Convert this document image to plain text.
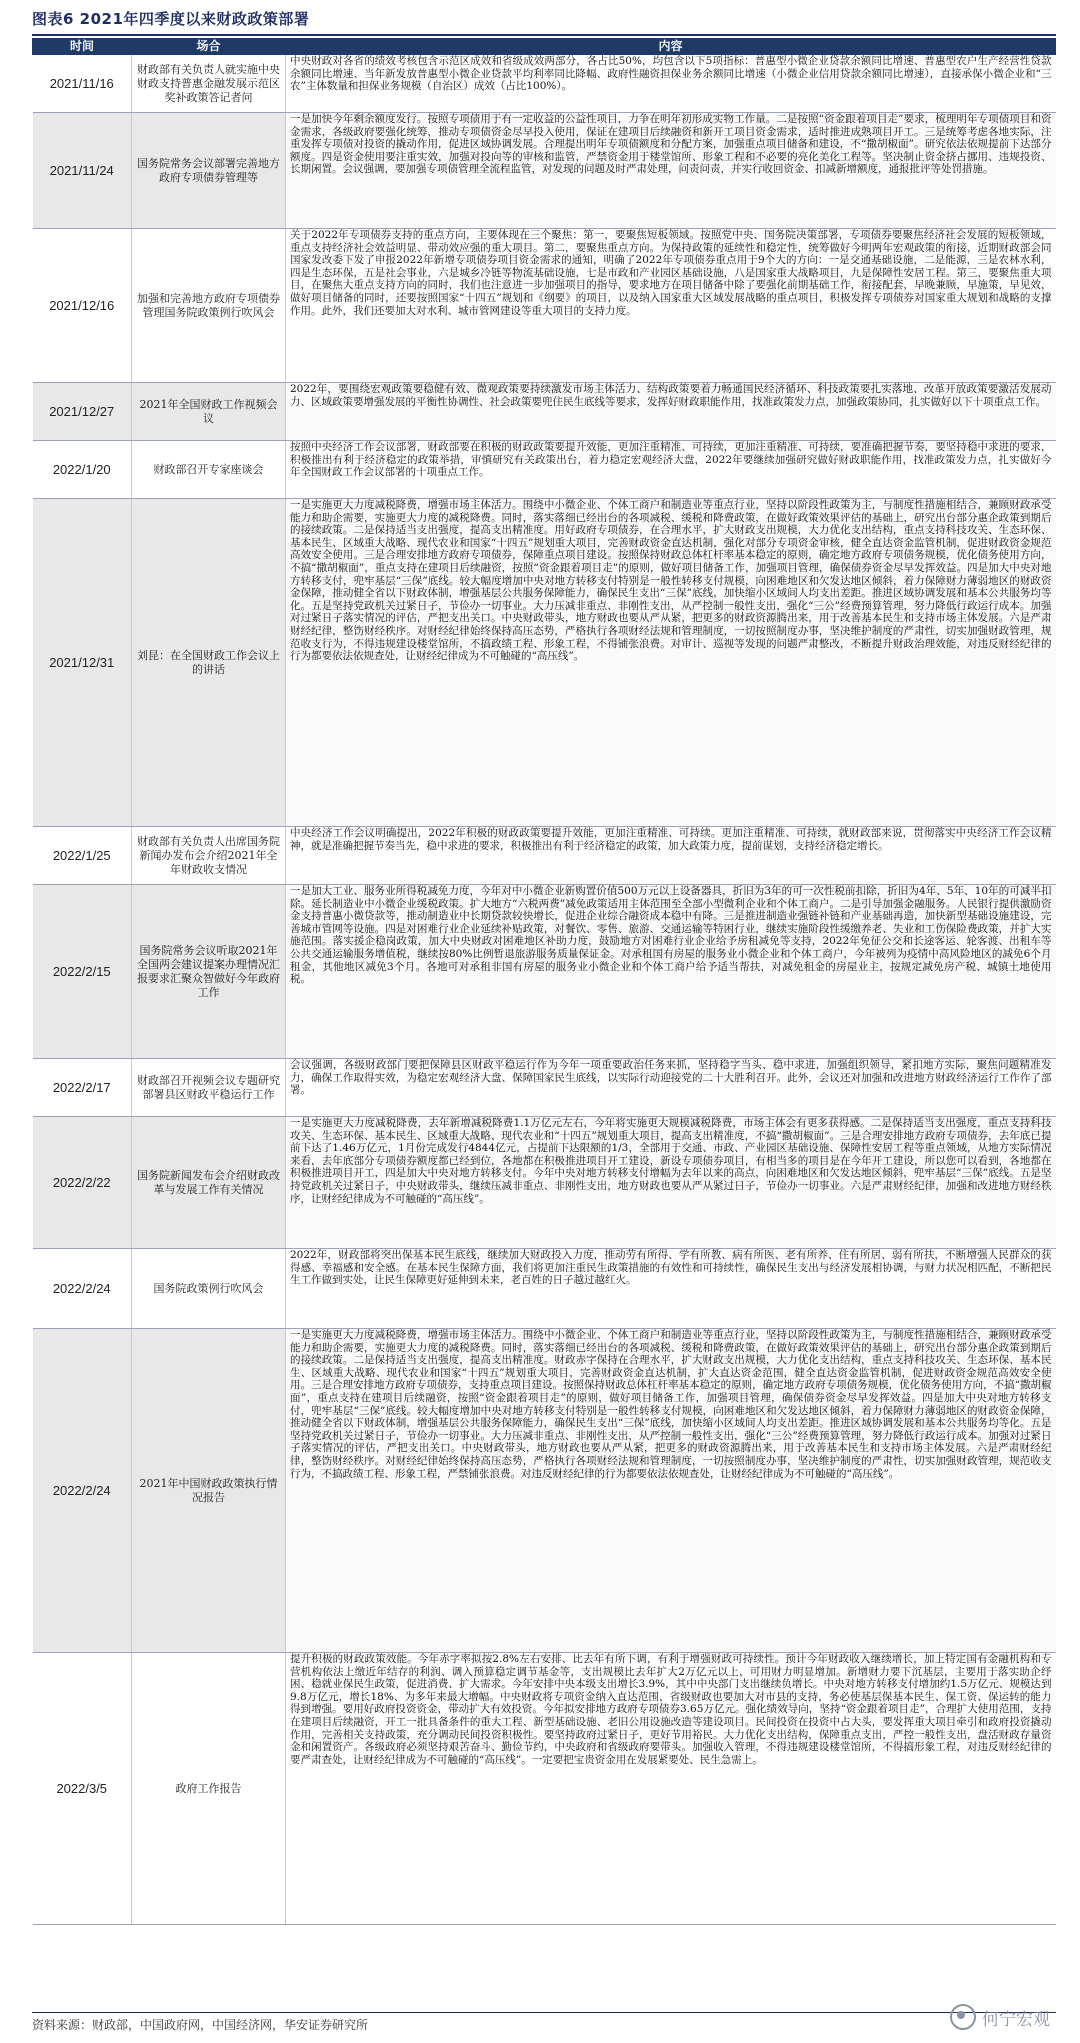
图表6 2021年四季度以来财政政策部署
时间	场合	内容

2021/11/16	财政部有关负责人就实施中央财政支持普惠金融发展示范区奖补政策答记者问	中央财政对各省的绩效考核包含示范区成效和省级成效两部分，各占比50%，均包含以下5项指标：普惠型小微企业贷款余额同比增速、普惠型农户生产经营性贷款余额同比增速、当年新发放普惠型小微企业贷款平均利率同比降幅、政府性融资担保业务余额同比增速（小微企业信用贷款余额同比增速），直接承保小微企业和“三农”主体数量和担保业务规模（自治区）成效（占比100%）。

2021/11/24	国务院常务会议部署完善地方政府专项债券管理等	一是加快今年剩余额度发行。按照专项债用于有一定收益的公益性项目，力争在明年初形成实物工作量。二是按照“资金跟着项目走”要求，梳理明年专项债项目和资金需求，各级政府要强化统筹，推动专项债资金尽早投入使用，保证在建项目后续融资和新开工项目资金需求，适时推进成熟项目开工。三是统筹考虑各地实际，注重发挥专项债对投资的撬动作用，促进区域协调发展。合理提出明年专项债额度和分配方案，加强重点项目储备和建设，不“撒胡椒面”。研究依法依规提前下达部分额度。四是资金使用要注重实效，加强对投向等的审核和监管，严禁资金用于楼堂馆所、形象工程和不必要的亮化美化工程等。坚决制止资金挤占挪用、违规投资、长期闲置。会议强调，要加强专项债管理全流程监管，对发现的问题及时严肃处理，问责问责，并实行收回资金、扣减新增额度，通报批评等处罚措施。

2021/12/16	加强和完善地方政府专项债券管理国务院政策例行吹风会	关于2022年专项债券支持的重点方向，主要体现在三个聚焦：第一，要聚焦短板领域。按照党中央、国务院决策部署，专项债券要聚焦经济社会发展的短板领域，重点支持经济社会效益明显、带动效应强的重大项目。第二，要聚焦重点方向。为保持政策的延续性和稳定性，统筹做好今明两年宏观政策的衔接，近期财政部会同国家发改委下发了申报2022年新增专项债券项目资金需求的通知，明确了2022年专项债券重点用于9个大的方向：一是交通基础设施，二是能源，三是农林水利，四是生态环保，五是社会事业，六是城乡冷链等物流基础设施，七是市政和产业园区基础设施，八是国家重大战略项目，九是保障性安居工程。第三，要聚焦重大项目，在聚焦大重点支持方向的同时，我们也注意进一步加强项目的指导，要求地方在项目储备中除了要强化前期基础工作，衔接配套，早晚兼顾，早施策，早见效，做好项目储备的同时，还要按照国家“十四五”规划和《纲要》的项目，以及纳入国家重大区域发展战略的重点项目，积极发挥专项债券对国家重大规划和战略的支撑作用。此外，我们还要加大对水利、城市管网建设等重大项目的支持力度。

2021/12/27	2021年全国财政工作视频会议	2022年，要围绕宏观政策要稳健有效、微观政策要持续激发市场主体活力、结构政策要着力畅通国民经济循环、科技政策要扎实落地、改革开放政策要激活发展动力、区域政策要增强发展的平衡性协调性、社会政策要兜住民生底线等要求，发挥好财政职能作用，找准政策发力点，加强政策协同，扎实做好以下十项重点工作。

2022/1/20	财政部召开专家座谈会	按照中央经济工作会议部署，财政部要在积极的财政政策要提升效能，更加注重精准、可持续，更加注重精准、可持续，要准确把握节奏，要坚持稳中求进的要求，积极推出有利于经济稳定的政策举措，审慎研究有关政策出台，着力稳定宏观经济大盘，2022年要继续加强研究做好财政职能作用，找准政策发力点，扎实做好今年全国财政工作会议部署的十项重点工作。

2021/12/31	刘昆：在全国财政工作会议上的讲话	一是实施更大力度减税降费，增强市场主体活力。围绕中小微企业、个体工商户和制造业等重点行业，坚持以阶段性政策为主，与制度性措施相结合，兼顾财政承受能力和助企需要，实施更大力度的减税降费。同时，落实落细已经出台的各项减税、缓税和降费政策，在做好政策效果评估的基础上，研究出台部分惠企政策到期后的接续政策。二是保持适当支出强度，提高支出精准度。用好政府专项债券，在合理水平，扩大财政支出规模，大力优化支出结构，重点支持科技攻关、生态环保、基本民生、区域重大战略、现代农业和国家“十四五”规划重大项目，完善财政资金直达机制，强化对部分专项资金审核，健全直达资金监管机制，促进财政资金规范高效安全使用。三是合理安排地方政府专项债券，保障重点项目建设。按照保持财政总体杠杆率基本稳定的原则，确定地方政府专项债务规模，优化债务使用方向，不搞“撒胡椒面”，重点支持在建项目后续融资，按照“资金跟着项目走”的原则，做好项目储备工作，加强项目管理，确保债券资金尽早发挥效益。四是加大中央对地方转移支付，兜牢基层“三保”底线。较大幅度增加中央对地方转移支付特别是一般性转移支付规模，向困难地区和欠发达地区倾斜，着力保障财力薄弱地区的财政资金保障，推动健全省以下财政体制，增强基层公共服务保障能力，确保民生支出“三保”底线，加快缩小区域间人均支出差距。推进区域协调发展和基本公共服务均等化。五是坚持党政机关过紧日子，节俭办一切事业。大力压减非重点、非刚性支出，从严控制一般性支出，强化“三公”经费预算管理，努力降低行政运行成本。加强对过紧日子落实情况的评估，严把支出关口。中央财政带头，地方财政也要从严从紧，把更多的财政资源腾出来，用于改善基本民生和支持市场主体发展。六是严肃财经纪律，整饬财经秩序。对财经纪律始终保持高压态势，严格执行各项财经法规和管理制度，一切按照制度办事，坚决维护制度的严肃性，切实加强财政管理，规范收支行为，不得违规建设楼堂馆所，不搞政绩工程、形象工程，不得铺张浪费。对审计、巡视等发现的问题严肃整改，不断提升财政治理效能，对违反财经纪律的行为都要依法依规查处，让财经纪律成为不可触碰的“高压线”。

2022/1/25	财政部有关负责人出席国务院新闻办发布会介绍2021年全年财政收支情况	中央经济工作会议明确提出，2022年积极的财政政策要提升效能，更加注重精准、可持续。更加注重精准、可持续，就财政部来说，贯彻落实中央经济工作会议精神，就是准确把握节奏当先，稳中求进的要求，积极推出有利于经济稳定的政策，加大政策力度，提前谋划，支持经济稳定增长。

2022/2/15	国务院常务会议听取2021年全国两会建议提案办理情况汇报要求汇聚众智做好今年政府工作	一是加大工业、服务业所得税减免力度，今年对中小微企业新购置价值500万元以上设备器具，折旧为3年的可一次性税前扣除，折旧为4年、5年、10年的可减半扣除。延长制造业中小微企业缓税政策。扩大地方“六税两费”减免政策适用主体范围至全部小型微利企业和个体工商户。二是引导加强金融服务。人民银行提供激励资金支持普惠小微贷款等，推动制造业中长期贷款较快增长，促进企业综合融资成本稳中有降。三是推进制造业强链补链和产业基础再造，加快新型基础设施建设，完善城市管网等设施。四是对困难行业企业延续补贴政策，对餐饮、零售、旅游、交通运输等特困行业，继续实施阶段性缓缴养老、失业和工伤保险费政策，并扩大实施范围。落实援企稳岗政策，加大中央财政对困难地区补助力度，鼓励地方对困难行业企业给予房租减免等支持，2022年免征公交和长途客运、轮客渡、出租车等公共交通运输服务增值税，继续按80%比例暂退旅游服务质量保证金。对承租国有房屋的服务业小微企业和个体工商户，今年被列为疫情中高风险地区的减免6个月租金，其他地区减免3个月。各地可对承租非国有房屋的服务业小微企业和个体工商户给予适当帮扶，对减免租金的房屋业主，按规定减免房产税、城镇土地使用税。

2022/2/17	财政部召开视频会议专题研究部署县区财政平稳运行工作	会议强调，各级财政部门要把保障县区财政平稳运行作为今年一项重要政治任务来抓，坚持稳字当头、稳中求进，加强组织领导，紧扣地方实际，聚焦问题精准发力，确保工作取得实效，为稳定宏观经济大盘、保障国家民生底线，以实际行动迎接党的二十大胜利召开。此外，会议还对加强和改进地方财政经济运行工作作了部署。

2022/2/22	国务院新闻发布会介绍财政改革与发展工作有关情况	一是实施更大力度减税降费，去年新增减税降费1.1万亿元左右，今年将实施更大规模减税降费，市场主体会有更多获得感。二是保持适当支出强度，重点支持科技攻关、生态环保、基本民生、区域重大战略、现代农业和“十四五”规划重大项目，提高支出精准度，不搞“撒胡椒面”。三是合理安排地方政府专项债券，去年底已提前下达了1.46万亿元，1月份完成发行4844亿元，占提前下达限额的1/3，全部用于交通、市政、产业园区基础设施、保障性安居工程等重点领域，从地方实际情况来看，去年底部分专项债券额度都已经到位，各地都在积极推进项目开工建设，新设专项债券项目，有相当多的项目是在今年开工建设，所以您可以看到，各地都在积极推进项目开工，四是加大中央对地方转移支付。今年中央对地方转移支付增幅为去年以来的高点，向困难地区和欠发达地区倾斜，兜牢基层“三保”底线。五是坚持党政机关过紧日子，中央财政带头，继续压减非重点、非刚性支出，地方财政也要从严从紧过日子，节俭办一切事业。六是严肃财经纪律，加强和改进地方财经秩序，让财经纪律成为不可触碰的“高压线”。

2022/2/24	国务院政策例行吹风会	2022年，财政部将突出保基本民生底线，继续加大财政投入力度，推动劳有所得、学有所教、病有所医、老有所养、住有所居、弱有所扶，不断增强人民群众的获得感、幸福感和安全感。在基本民生保障方面，我们将更加注重民生政策措施的有效性和可持续性，确保民生支出与经济发展相协调，与财力状况相匹配，不断把民生工作做到实处，让民生保障更好延伸到未来，老百姓的日子越过越红火。

2022/2/24	2021年中国财政政策执行情况报告	一是实施更大力度减税降费，增强市场主体活力。围绕中小微企业、个体工商户和制造业等重点行业，坚持以阶段性政策为主，与制度性措施相结合，兼顾财政承受能力和助企需要，实施更大力度的减税降费。同时，落实落细已经出台的各项减税、缓税和降费政策，在做好政策效果评估的基础上，研究出台部分惠企政策到期后的接续政策。二是保持适当支出强度，提高支出精准度。财政赤字保持在合理水平，扩大财政支出规模，大力优化支出结构，重点支持科技攻关、生态环保、基本民生、区域重大战略、现代农业和国家“十四五”规划重大项目，完善财政资金直达机制，扩大直达资金范围，健全直达资金监管机制，促进财政资金规范高效安全使用。三是合理安排地方政府专项债券，支持重点项目建设。按照保持财政总体杠杆率基本稳定的原则，确定地方政府专项债务规模，优化债务使用方向，不搞“撒胡椒面”，重点支持在建项目后续融资，按照“资金跟着项目走”的原则，做好项目储备工作，加强项目管理，确保债券资金尽早发挥效益。四是加大中央对地方转移支付，兜牢基层“三保”底线。较大幅度增加中央对地方转移支付特别是一般性转移支付规模，向困难地区和欠发达地区倾斜，着力保障财力薄弱地区的财政资金保障，推动健全省以下财政体制，增强基层公共服务保障能力，确保民生支出“三保”底线，加快缩小区域间人均支出差距。推进区域协调发展和基本公共服务均等化。五是坚持党政机关过紧日子，节俭办一切事业。大力压减非重点、非刚性支出，从严控制一般性支出，强化“三公”经费预算管理，努力降低行政运行成本。加强对过紧日子落实情况的评估，严把支出关口。中央财政带头，地方财政也要从严从紧，把更多的财政资源腾出来，用于改善基本民生和支持市场主体发展。六是严肃财经纪律，整饬财经秩序。对财经纪律始终保持高压态势，严格执行各项财经法规和管理制度，一切按照制度办事，坚决维护制度的严肃性，切实加强财政管理，规范收支行为，不搞政绩工程、形象工程，严禁铺张浪费。对违反财经纪律的行为都要依法依规查处，让财经纪律成为不可触碰的“高压线”。

2022/3/5	政府工作报告	提升积极的财政政策效能。今年赤字率拟按2.8%左右安排、比去年有所下调，有利于增强财政可持续性。预计今年财政收入继续增长，加上特定国有金融机构和专营机构依法上缴近年结存的利润、调入预算稳定调节基金等，支出规模比去年扩大2万亿元以上，可用财力明显增加。新增财力要下沉基层，主要用于落实助企纾困、稳就业保民生政策，促进消费、扩大需求。今年安排中央本级支出增长3.9%，其中中央部门支出继续负增长。中央对地方转移支付增加约1.5万亿元、规模达到9.8万亿元，增长18%、为多年来最大增幅。中央财政将专项资金纳入直达范围，省级财政也要加大对市县的支持，务必使基层保基本民生、保工资、保运转的能力得到增强。要用好政府投资资金，带动扩大有效投资。今年拟安排地方政府专项债券3.65万亿元。强化绩效导向，坚持“资金跟着项目走”，合理扩大使用范围，支持在建项目后续融资，开工一批具备条件的重大工程、新型基础设施、老旧公用设施改造等建设项目。民间投资在投资中占大头，要发挥重大项目牵引和政府投资撬动作用，完善相关支持政策，充分调动民间投资积极性。要坚持政府过紧日子，更好节用裕民。大力优化支出结构，保障重点支出，严控一般性支出，盘活财政存量资金和闲置资产。各级政府必须坚持艰苦奋斗、勤俭节约，中央政府和省级政府要带头。加强收入管理，不得违规建设楼堂馆所，不得搞形象工程，对违反财经纪律的要严肃查处，让财经纪律成为不可触碰的“高压线”。一定要把宝贵资金用在发展紧要处、民生急需上。
资料来源：财政部，中国政府网，中国经济网，华安证券研究所	何宁宏观
